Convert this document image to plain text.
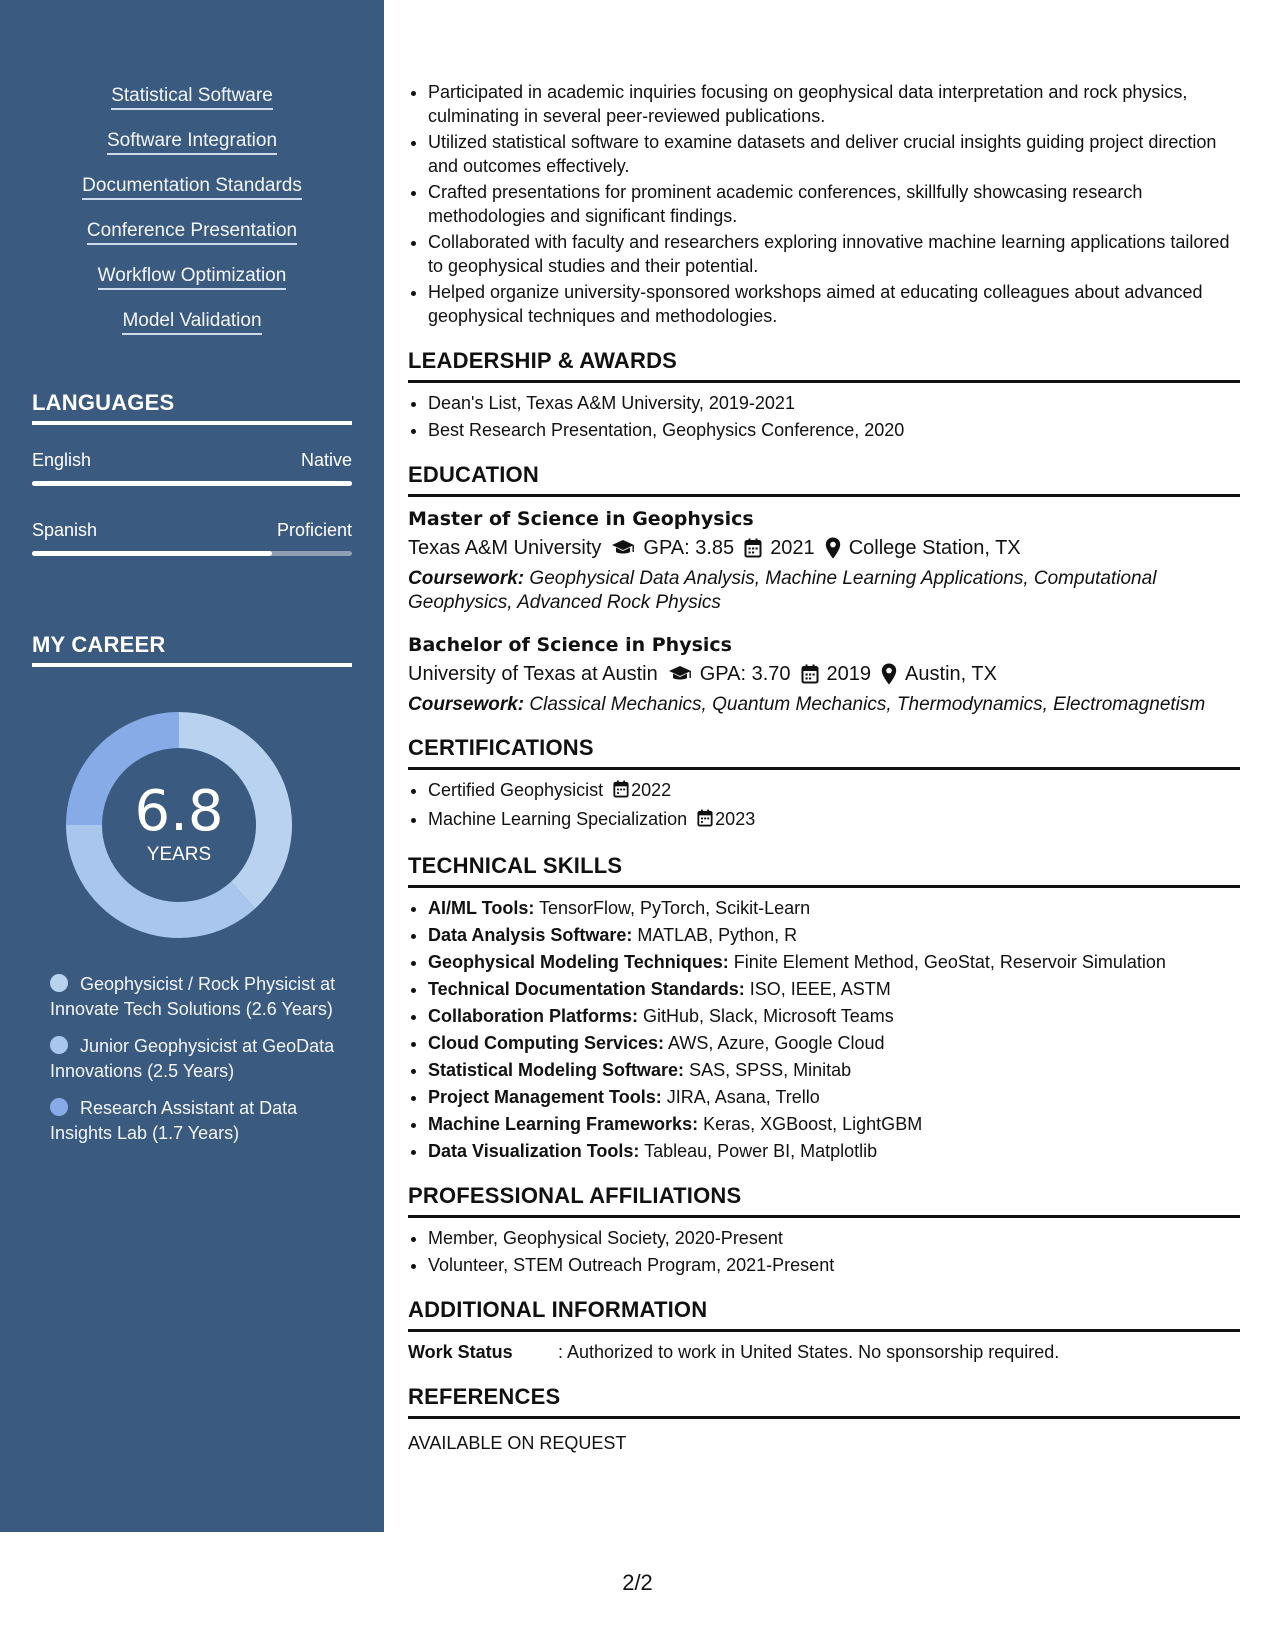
Statistical Software
Software Integration
Documentation Standards
Conference Presentation
Workflow Optimization
Model Validation
LANGUAGES
English	Native
Spanish	Proficient
MY CAREER
6.8
YEARS
Geophysicist / Rock Physicist at Innovate Tech Solutions (2.6 Years)
Junior Geophysicist at GeoData Innovations (2.5 Years)
Research Assistant at Data Insights Lab (1.7 Years)
• Participated in academic inquiries focusing on geophysical data interpretation and rock physics, culminating in several peer-reviewed publications.
• Utilized statistical software to examine datasets and deliver crucial insights guiding project direction and outcomes effectively.
• Crafted presentations for prominent academic conferences, skillfully showcasing research methodologies and significant findings.
• Collaborated with faculty and researchers exploring innovative machine learning applications tailored to geophysical studies and their potential.
• Helped organize university-sponsored workshops aimed at educating colleagues about advanced geophysical techniques and methodologies.
LEADERSHIP & AWARDS
• Dean's List, Texas A&M University, 2019-2021
• Best Research Presentation, Geophysics Conference, 2020
EDUCATION
Master of Science in Geophysics
Texas A&M University GPA: 3.85 2021 College Station, TX
Coursework: Geophysical Data Analysis, Machine Learning Applications, Computational Geophysics, Advanced Rock Physics
Bachelor of Science in Physics
University of Texas at Austin GPA: 3.70 2019 Austin, TX
Coursework: Classical Mechanics, Quantum Mechanics, Thermodynamics, Electromagnetism
CERTIFICATIONS
• Certified Geophysicist 2022
• Machine Learning Specialization 2023
TECHNICAL SKILLS
• AI/ML Tools: TensorFlow, PyTorch, Scikit-Learn
• Data Analysis Software: MATLAB, Python, R
• Geophysical Modeling Techniques: Finite Element Method, GeoStat, Reservoir Simulation
• Technical Documentation Standards: ISO, IEEE, ASTM
• Collaboration Platforms: GitHub, Slack, Microsoft Teams
• Cloud Computing Services: AWS, Azure, Google Cloud
• Statistical Modeling Software: SAS, SPSS, Minitab
• Project Management Tools: JIRA, Asana, Trello
• Machine Learning Frameworks: Keras, XGBoost, LightGBM
• Data Visualization Tools: Tableau, Power BI, Matplotlib
PROFESSIONAL AFFILIATIONS
• Member, Geophysical Society, 2020-Present
• Volunteer, STEM Outreach Program, 2021-Present
ADDITIONAL INFORMATION
Work Status	: Authorized to work in United States. No sponsorship required.
REFERENCES
AVAILABLE ON REQUEST
2/2
